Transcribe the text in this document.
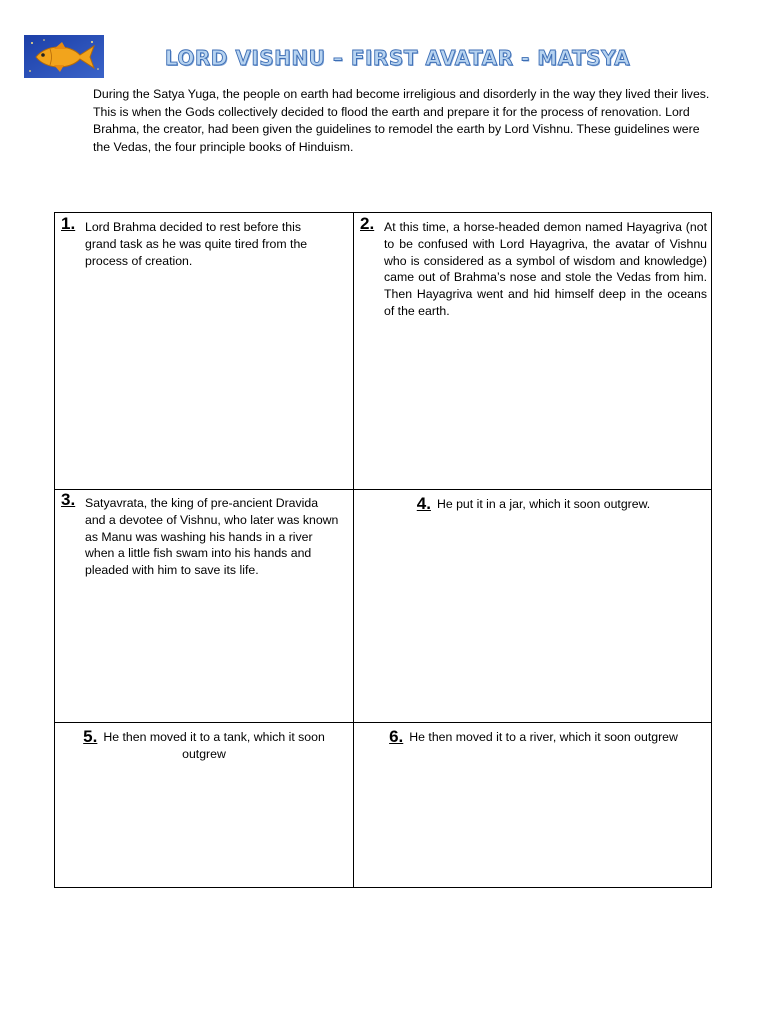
LORD VISHNU – FIRST AVATAR - MATSYA

During the Satya Yuga, the people on earth had become irreligious and disorderly in the way they lived their lives. This is when the Gods collectively decided to flood the earth and prepare it for the process of renovation. Lord Brahma, the creator, had been given the guidelines to remodel the earth by Lord Vishnu. These guidelines were the Vedas, the four principle books of Hinduism.

1. Lord Brahma decided to rest before this grand task as he was quite tired from the process of creation.
2. At this time, a horse-headed demon named Hayagriva (not to be confused with Lord Hayagriva, the avatar of Vishnu who is considered as a symbol of wisdom and knowledge) came out of Brahma’s nose and stole the Vedas from him. Then Hayagriva went and hid himself deep in the oceans of the earth.
3. Satyavrata, the king of pre-ancient Dravida and a devotee of Vishnu, who later was known as Manu was washing his hands in a river when a little fish swam into his hands and pleaded with him to save its life.
4. He put it in a jar, which it soon outgrew.
5. He then moved it to a tank, which it soon outgrew
6. He then moved it to a river, which it soon outgrew
